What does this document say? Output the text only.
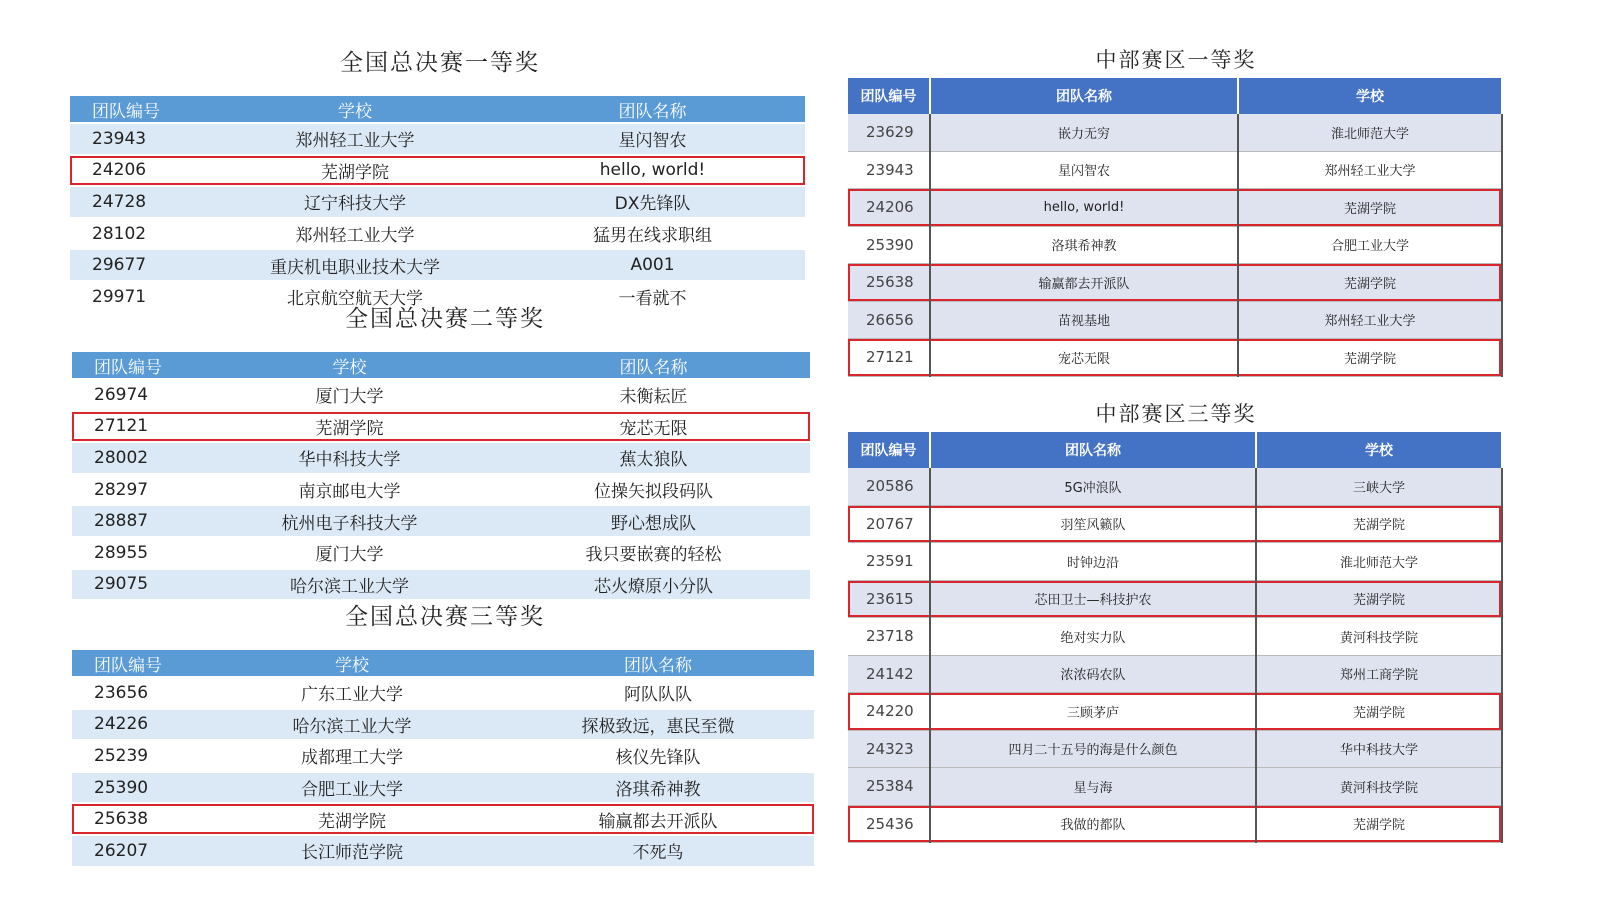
全国总决赛一等奖
团队编号	学校	团队名称
23943	郑州轻工业大学	星闪智农
24206	芜湖学院	hello, world!
24728	辽宁科技大学	DX先锋队
28102	郑州轻工业大学	猛男在线求职组
29677	重庆机电职业技术大学	A001
29971	北京航空航天大学	一看就不
全国总决赛二等奖
团队编号	学校	团队名称
26974	厦门大学	未衡耘匠
27121	芜湖学院	宠芯无限
28002	华中科技大学	蕉太狼队
28297	南京邮电大学	位操矢拟段码队
28887	杭州电子科技大学	野心想成队
28955	厦门大学	我只要嵌赛的轻松
29075	哈尔滨工业大学	芯火燎原小分队
全国总决赛三等奖
团队编号	学校	团队名称
23656	广东工业大学	阿队队队
24226	哈尔滨工业大学	探极致远，惠民至微
25239	成都理工大学	核仪先锋队
25390	合肥工业大学	洛琪希神教
25638	芜湖学院	输赢都去开派队
26207	长江师范学院	不死鸟
中部赛区一等奖
团队编号	团队名称	学校
23629	嵌力无穷	淮北师范大学
23943	星闪智农	郑州轻工业大学
24206	hello, world!	芜湖学院
25390	洛琪希神教	合肥工业大学
25638	输赢都去开派队	芜湖学院
26656	苗视基地	郑州轻工业大学
27121	宠芯无限	芜湖学院
中部赛区三等奖
团队编号	团队名称	学校
20586	5G冲浪队	三峡大学
20767	羽笙风籁队	芜湖学院
23591	时钟边沿	淮北师范大学
23615	芯田卫士—科技护农	芜湖学院
23718	绝对实力队	黄河科技学院
24142	浓浓码农队	郑州工商学院
24220	三顾茅庐	芜湖学院
24323	四月二十五号的海是什么颜色	华中科技大学
25384	星与海	黄河科技学院
25436	我做的都队	芜湖学院
